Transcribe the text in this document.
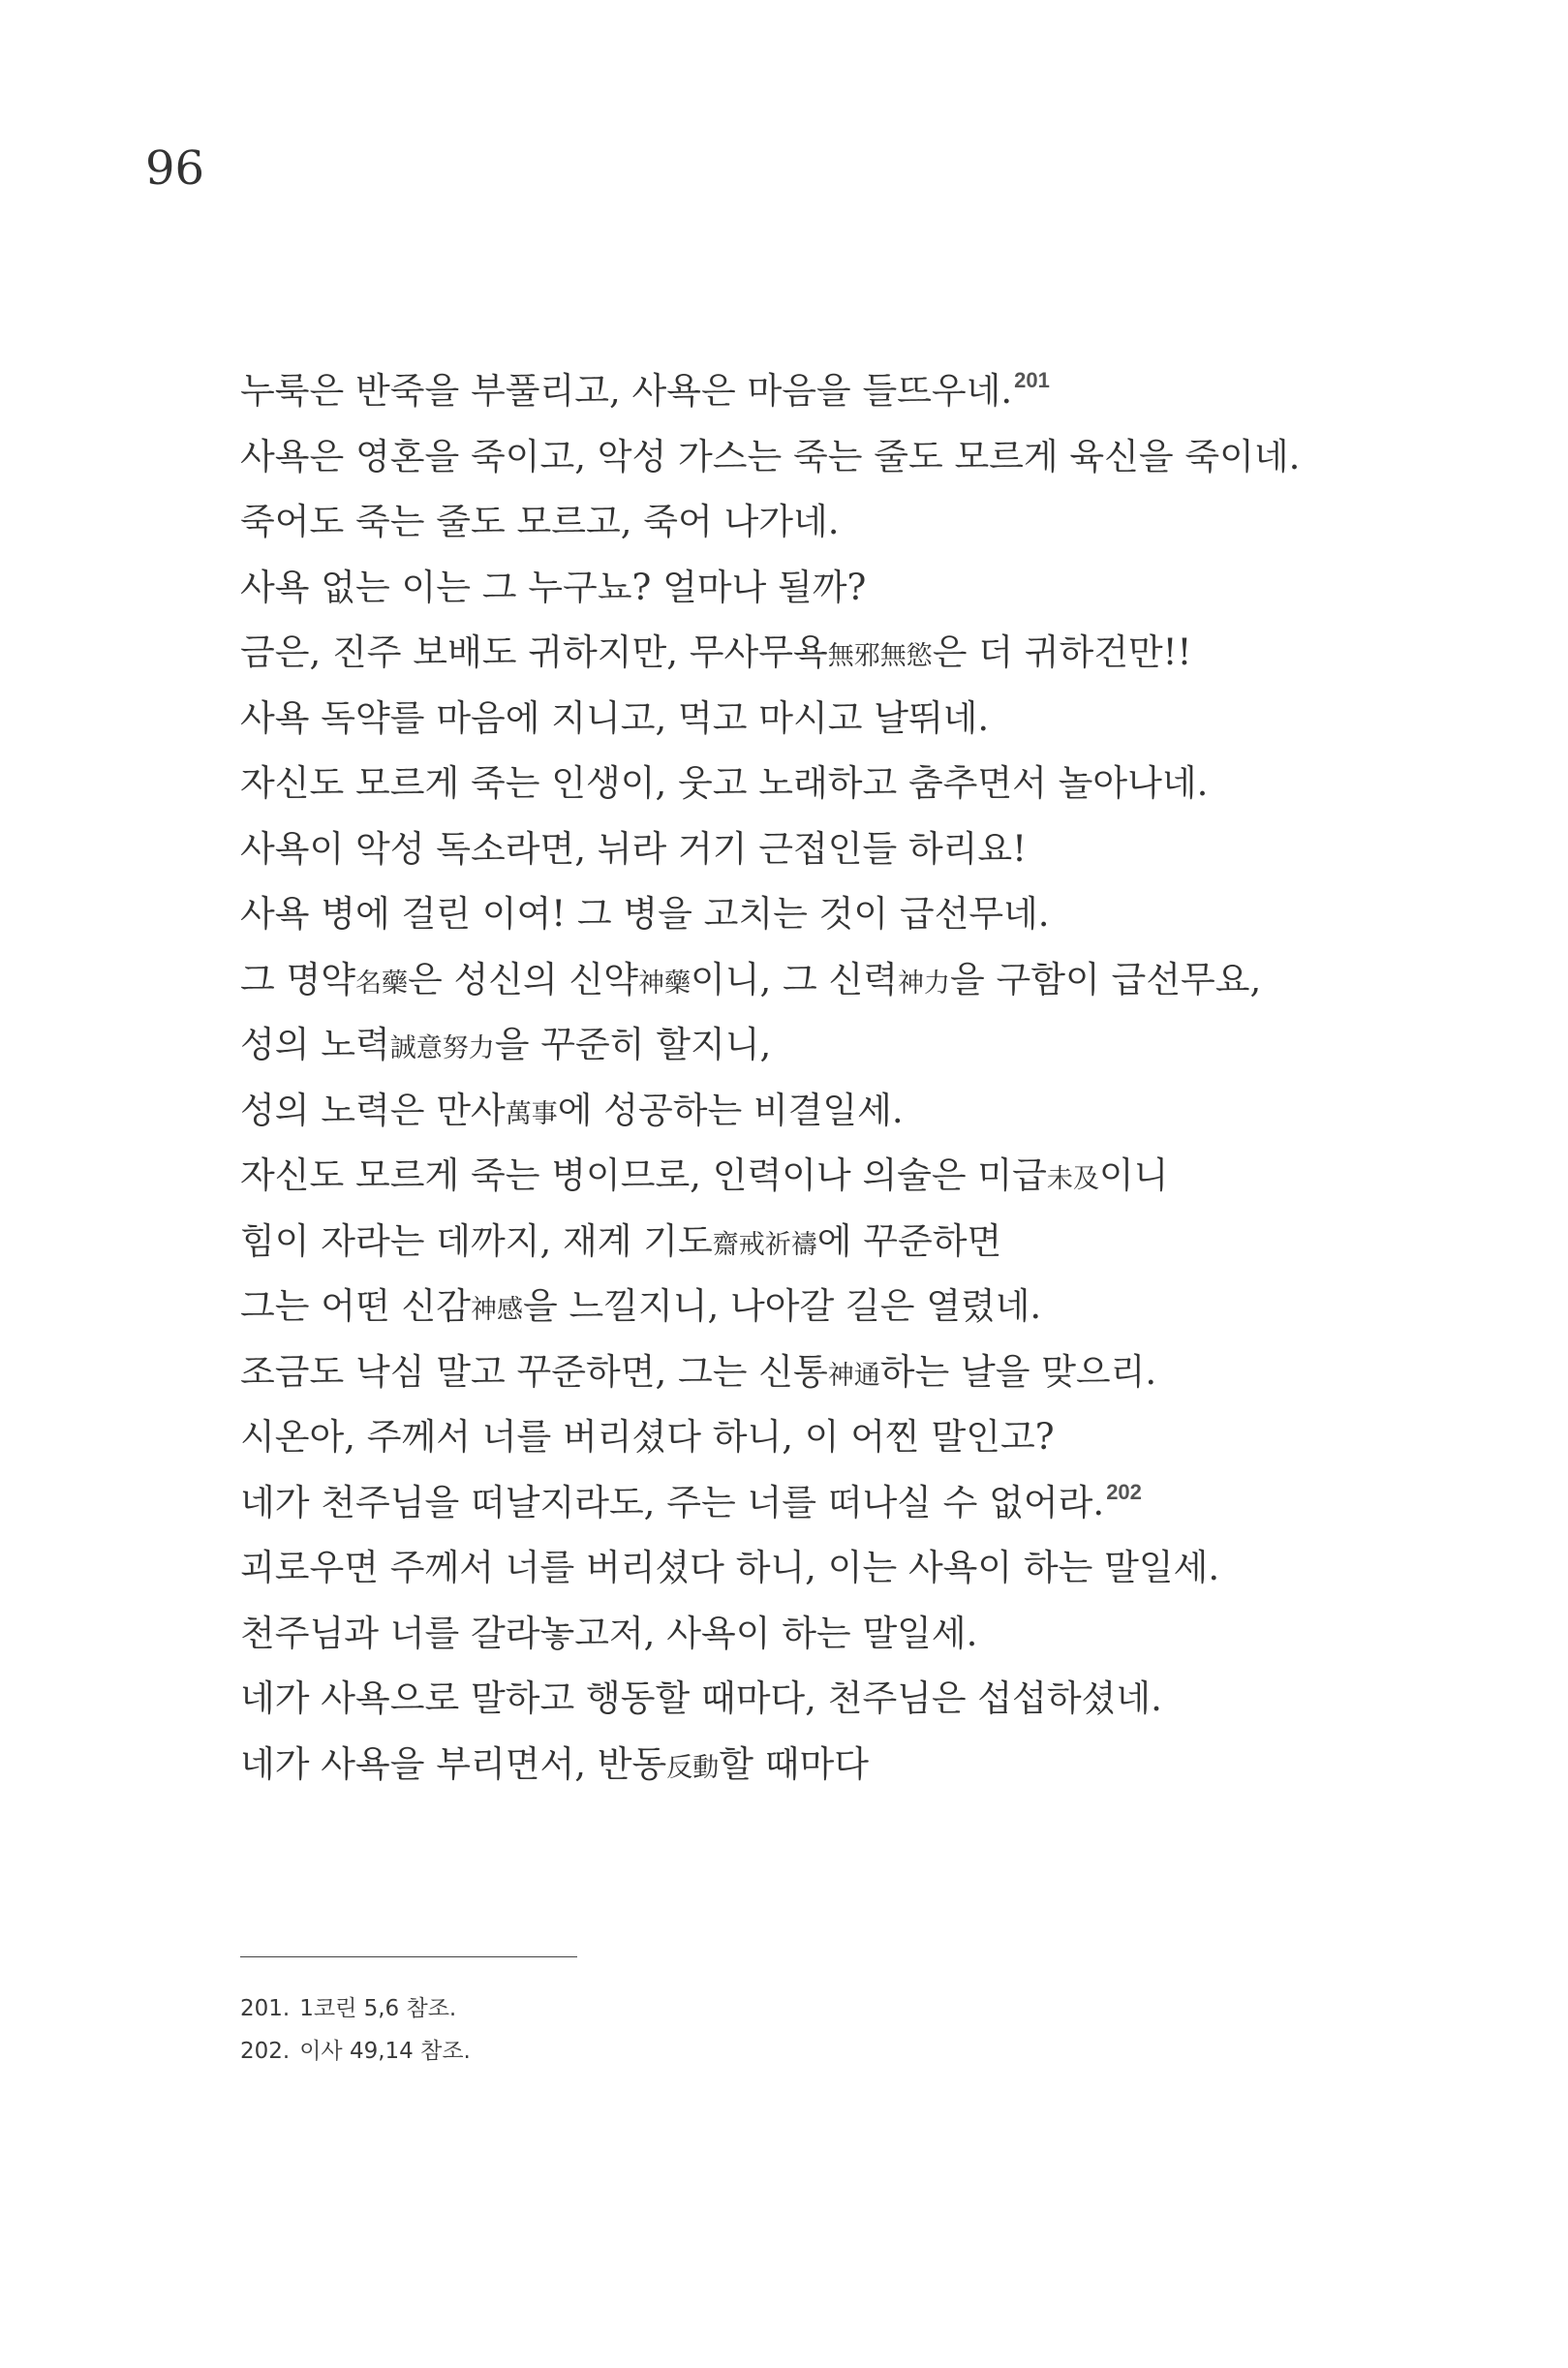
96
누룩은 반죽을 부풀리고, 사욕은 마음을 들뜨우네.$^{201}$
사욕은 영혼을 죽이고, 악성 가스는 죽는 줄도 모르게 육신을 죽이네.
죽어도 죽는 줄도 모르고, 죽어 나가네.
사욕 없는 이는 그 누구뇨? 얼마나 될까?
금은, 진주 보배도 귀하지만, 무사무욕無邪無慾은 더 귀하건만!!
사욕 독약를 마음에 지니고, 먹고 마시고 날뛰네.
자신도 모르게 죽는 인생이, 웃고 노래하고 춤추면서 놀아나네.
사욕이 악성 독소라면, 뉘라 거기 근접인들 하리요!
사욕 병에 걸린 이여! 그 병을 고치는 것이 급선무네.
그 명약名藥은 성신의 신약神藥이니, 그 신력神力을 구함이 급선무요,
성의 노력誠意努力을 꾸준히 할지니,
성의 노력은 만사萬事에 성공하는 비결일세.
자신도 모르게 죽는 병이므로, 인력이나 의술은 미급未及이니
힘이 자라는 데까지, 재계 기도齋戒祈禱에 꾸준하면
그는 어떤 신감神感을 느낄지니, 나아갈 길은 열렸네.
조금도 낙심 말고 꾸준하면, 그는 신통神通하는 날을 맞으리.
시온아, 주께서 너를 버리셨다 하니, 이 어찐 말인고?
네가 천주님을 떠날지라도, 주는 너를 떠나실 수 없어라.$^{202}$
괴로우면 주께서 너를 버리셨다 하니, 이는 사욕이 하는 말일세.
천주님과 너를 갈라놓고저, 사욕이 하는 말일세.
네가 사욕으로 말하고 행동할 때마다, 천주님은 섭섭하셨네.
네가 사욕을 부리면서, 반동反動할 때마다
201. 1코린 5,6 참조.
202. 이사 49,14 참조.
